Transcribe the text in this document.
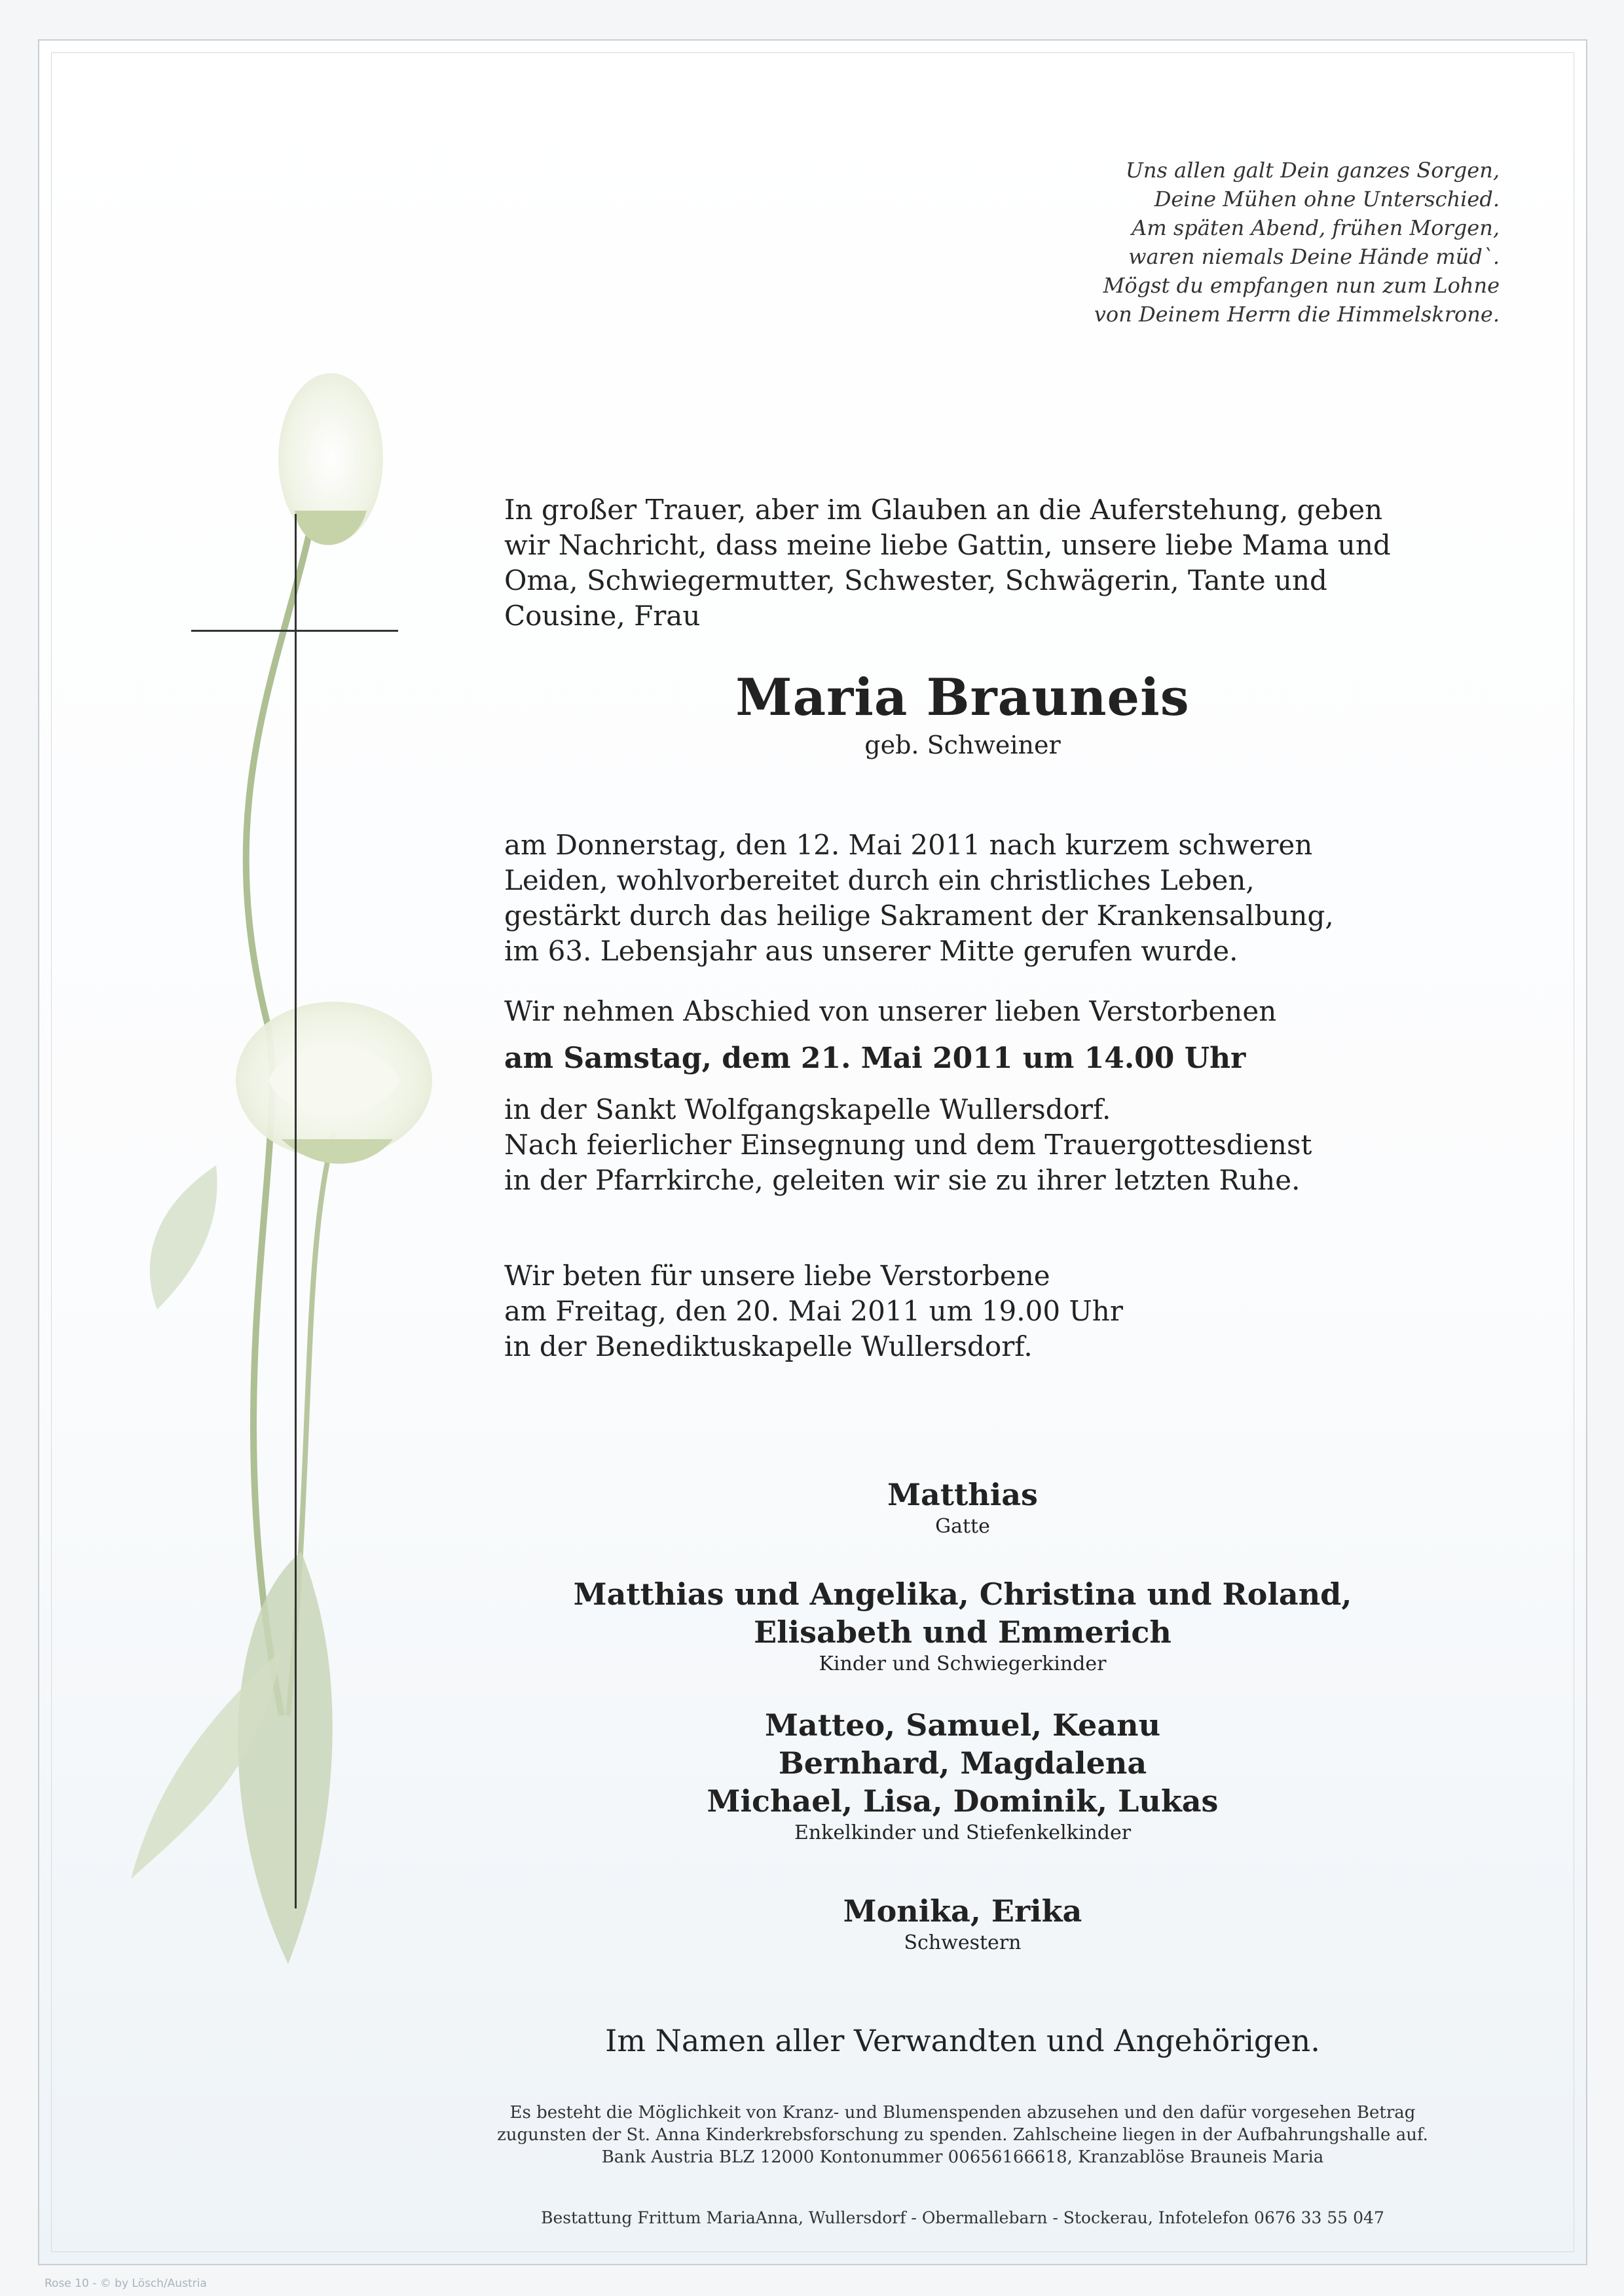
Uns allen galt Dein ganzes Sorgen,
Deine Mühen ohne Unterschied.
Am späten Abend, frühen Morgen,
waren niemals Deine Hände müd`.
Mögst du empfangen nun zum Lohne
von Deinem Herrn die Himmelskrone.
In großer Trauer, aber im Glauben an die Auferstehung, geben
wir Nachricht, dass meine liebe Gattin, unsere liebe Mama und
Oma, Schwiegermutter, Schwester, Schwägerin, Tante und
Cousine, Frau
Maria Brauneis
geb. Schweiner
am Donnerstag, den 12. Mai 2011 nach kurzem schweren
Leiden, wohlvorbereitet durch ein christliches Leben,
gestärkt durch das heilige Sakrament der Krankensalbung,
im 63. Lebensjahr aus unserer Mitte gerufen wurde.
Wir nehmen Abschied von unserer lieben Verstorbenen
am Samstag, dem 21. Mai 2011 um 14.00 Uhr
in der Sankt Wolfgangskapelle Wullersdorf.
Nach feierlicher Einsegnung und dem Trauergottesdienst
in der Pfarrkirche, geleiten wir sie zu ihrer letzten Ruhe.
Wir beten für unsere liebe Verstorbene
am Freitag, den 20. Mai 2011 um 19.00 Uhr
in der Benediktuskapelle Wullersdorf.
Matthias
Gatte
Matthias und Angelika, Christina und Roland,
Elisabeth und Emmerich
Kinder und Schwiegerkinder
Matteo, Samuel, Keanu
Bernhard, Magdalena
Michael, Lisa, Dominik, Lukas
Enkelkinder und Stiefenkelkinder
Monika, Erika
Schwestern
Im Namen aller Verwandten und Angehörigen.
Es besteht die Möglichkeit von Kranz- und Blumenspenden abzusehen und den dafür vorgesehen Betrag
zugunsten der St. Anna Kinderkrebsforschung zu spenden. Zahlscheine liegen in der Aufbahrungshalle auf.
Bank Austria BLZ 12000 Kontonummer 00656166618, Kranzablöse Brauneis Maria
Bestattung Frittum MariaAnna, Wullersdorf - Obermallebarn - Stockerau, Infotelefon 0676 33 55 047
Rose 10 - © by Lösch/Austria
